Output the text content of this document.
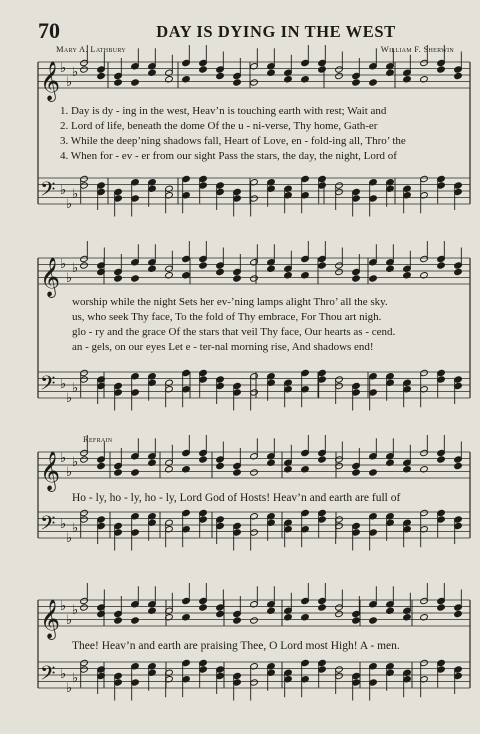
70	DAY IS DYING IN THE WEST
Mary A. Lathbury	William F. Sherwin
𝄞 ♭
♭
♭
𝄢 ♭
♭
♭
1. Day is dy - ing in the west, Heav’n is touching earth with rest; Wait and
2. Lord of life, beneath the dome Of the u - ni-verse, Thy home, Gath-er
3. While the deep’ning shadows fall, Heart of Love, en - fold-ing all, Thro’ the
4. When for - ev - er from our sight Pass the stars, the day, the night, Lord of
𝄞 ♭
♭
♭
𝄢 ♭
♭
♭
worship while the night Sets her ev-’ning lamps alight Thro’ all the sky.
us, who seek Thy face, To the fold of Thy embrace, For Thou art nigh.
glo - ry and the grace Of the stars that veil Thy face, Our hearts as - cend.
an - gels, on our eyes Let e - ter-nal morning rise, And shadows end!
Refrain
𝄞 ♭
♭
♭
𝄢 ♭
♭
♭
Ho - ly, ho - ly, ho - ly, Lord God of Hosts! Heav’n and earth are full of
𝄞 ♭
♭
♭
𝄢 ♭
♭
♭
Thee! Heav’n and earth are praising Thee, O Lord most High! A - men.
